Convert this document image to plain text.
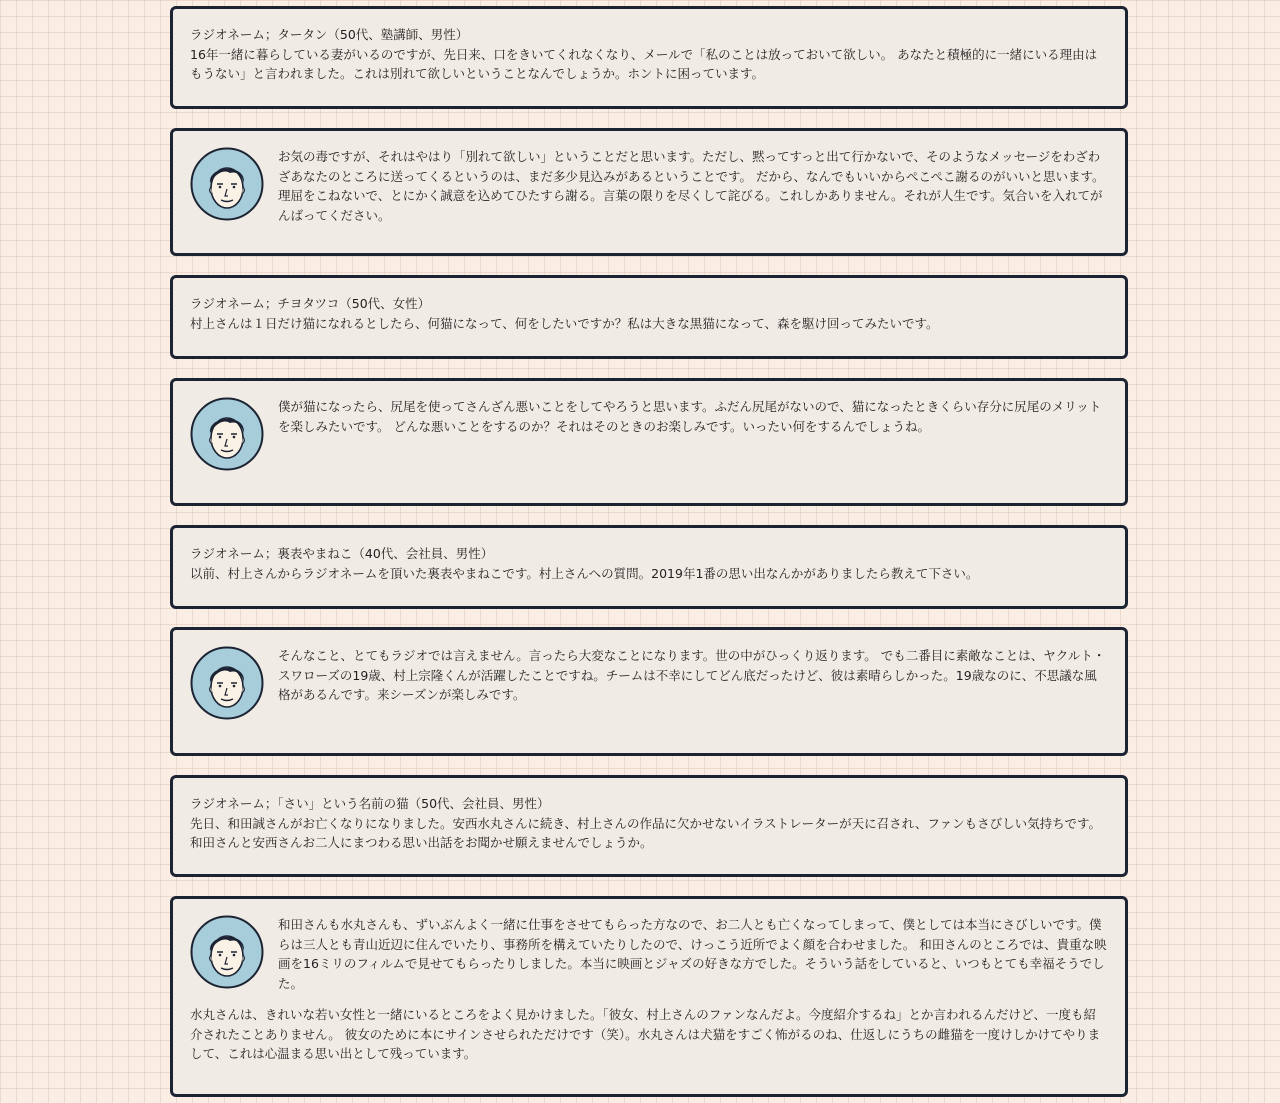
ラジオネーム；タータン（50代、塾講師、男性）

16年一緒に暮らしている妻がいるのですが、先日来、口をきいてくれなくなり、メールで「私のことは放っておいて欲しい。 あなたと積極的に一緒にいる理由はもうない」と言われました。これは別れて欲しいということなんでしょうか。ホントに困っています。

お気の毒ですが、それはやはり「別れて欲しい」ということだと思います。ただし、黙ってすっと出て行かないで、そのようなメッセージをわざわざあなたのところに送ってくるというのは、まだ多少見込みがあるということです。 だから、なんでもいいからぺこぺこ謝るのがいいと思います。理屈をこねないで、とにかく誠意を込めてひたすら謝る。言葉の限りを尽くして詫びる。これしかありません。それが人生です。気合いを入れてがんばってください。

ラジオネーム；チヨタツコ（50代、女性）

村上さんは１日だけ猫になれるとしたら、何猫になって、何をしたいですか？私は大きな黒猫になって、森を駆け回ってみたいです。

僕が猫になったら、尻尾を使ってさんざん悪いことをしてやろうと思います。ふだん尻尾がないので、猫になったときくらい存分に尻尾のメリットを楽しみたいです。 どんな悪いことをするのか？それはそのときのお楽しみです。いったい何をするんでしょうね。

ラジオネーム；裏表やまねこ（40代、会社員、男性）

以前、村上さんからラジオネームを頂いた裏表やまねこです。村上さんへの質問。2019年1番の思い出なんかがありましたら教えて下さい。

そんなこと、とてもラジオでは言えません。言ったら大変なことになります。世の中がひっくり返ります。 でも二番目に素敵なことは、ヤクルト・スワローズの19歳、村上宗隆くんが活躍したことですね。チームは不幸にしてどん底だったけど、彼は素晴らしかった。19歳なのに、不思議な風格があるんです。来シーズンが楽しみです。

ラジオネーム；「さい」という名前の猫（50代、会社員、男性）

先日、和田誠さんがお亡くなりになりました。安西水丸さんに続き、村上さんの作品に欠かせないイラストレーターが天に召され、ファンもさびしい気持ちです。和田さんと安西さんお二人にまつわる思い出話をお聞かせ願えませんでしょうか。

和田さんも水丸さんも、ずいぶんよく一緒に仕事をさせてもらった方なので、お二人とも亡くなってしまって、僕としては本当にさびしいです。僕らは三人とも青山近辺に住んでいたり、事務所を構えていたりしたので、けっこう近所でよく顔を合わせました。 和田さんのところでは、貴重な映画を16ミリのフィルムで見せてもらったりしました。本当に映画とジャズの好きな方でした。そういう話をしていると、いつもとても幸福そうでした。

水丸さんは、きれいな若い女性と一緒にいるところをよく見かけました。「彼女、村上さんのファンなんだよ。今度紹介するね」とか言われるんだけど、一度も紹介されたことありません。 彼女のために本にサインさせられただけです（笑）。水丸さんは犬猫をすごく怖がるのね、仕返しにうちの雌猫を一度けしかけてやりまして、これは心温まる思い出として残っています。
